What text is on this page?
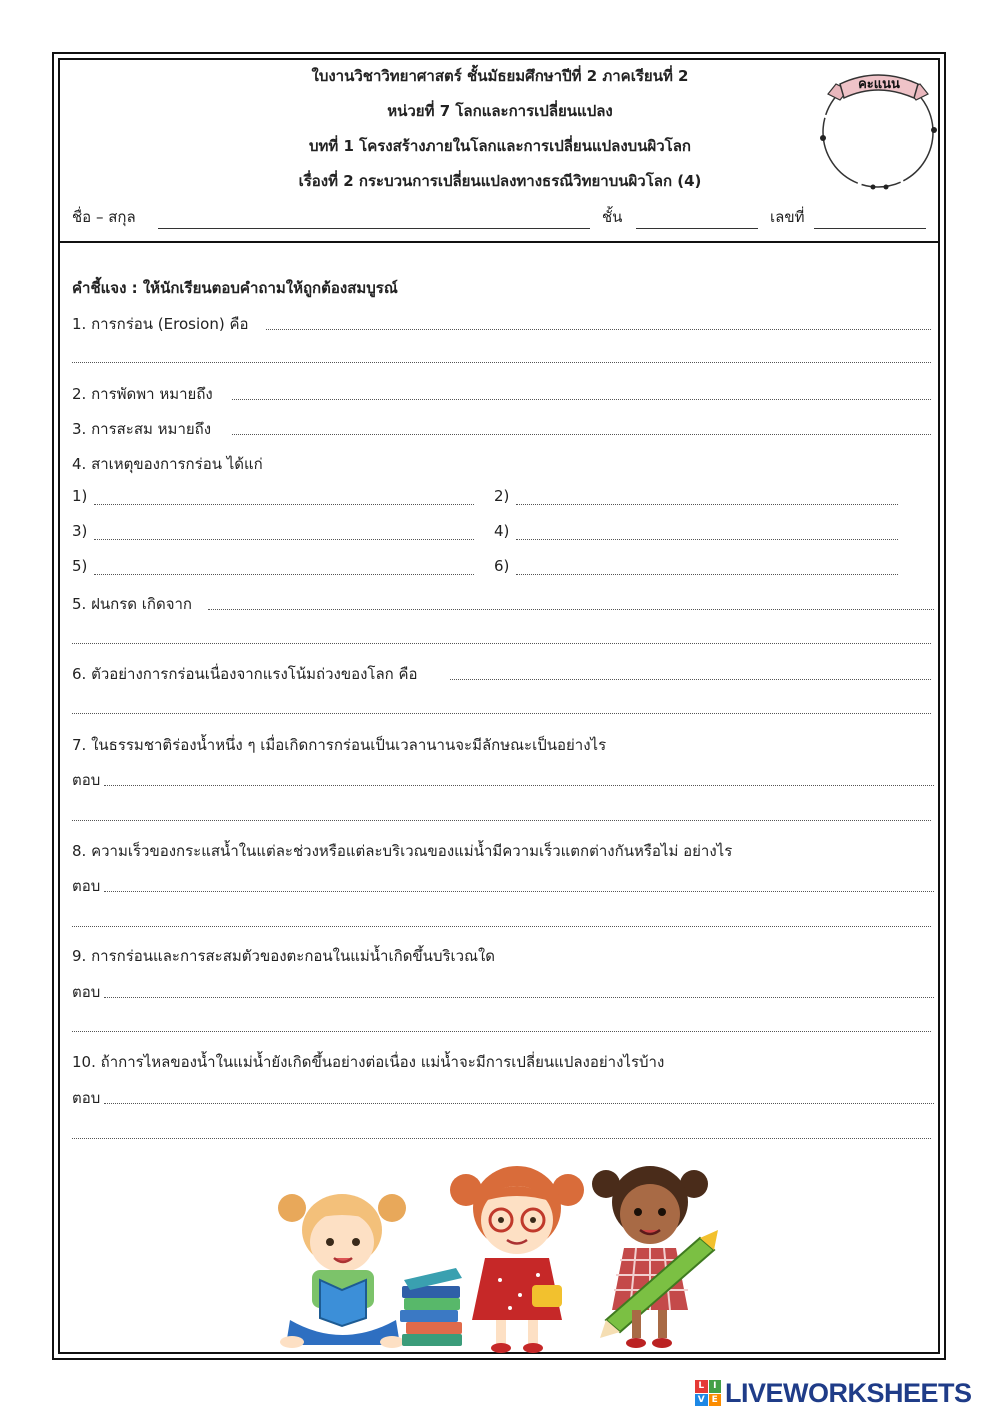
ใบงานวิชาวิทยาศาสตร์ ชั้นมัธยมศึกษาปีที่ 2 ภาคเรียนที่ 2
หน่วยที่ 7 โลกและการเปลี่ยนแปลง
บทที่ 1 โครงสร้างภายในโลกและการเปลี่ยนแปลงบนผิวโลก
เรื่องที่ 2 กระบวนการเปลี่ยนแปลงทางธรณีวิทยาบนผิวโลก (4)
คะแนน
ชื่อ – สกุล	ชั้น	เลขที่
คำชี้แจง : ให้นักเรียนตอบคำถามให้ถูกต้องสมบูรณ์
1. การกร่อน (Erosion) คือ
2. การพัดพา หมายถึง
3. การสะสม หมายถึง
4. สาเหตุของการกร่อน ได้แก่
1)	2)
3)	4)
5)	6)
5. ฝนกรด เกิดจาก
6. ตัวอย่างการกร่อนเนื่องจากแรงโน้มถ่วงของโลก คือ
7. ในธรรมชาติร่องน้ำหนึ่ง ๆ เมื่อเกิดการกร่อนเป็นเวลานานจะมีลักษณะเป็นอย่างไร
ตอบ
8. ความเร็วของกระแสน้ำในแต่ละช่วงหรือแต่ละบริเวณของแม่น้ำมีความเร็วแตกต่างกันหรือไม่ อย่างไร
ตอบ
9. การกร่อนและการสะสมตัวของตะกอนในแม่น้ำเกิดขึ้นบริเวณใด
ตอบ
10. ถ้าการไหลของน้ำในแม่น้ำยังเกิดขึ้นอย่างต่อเนื่อง แม่น้ำจะมีการเปลี่ยนแปลงอย่างไรบ้าง
ตอบ
L I
V E LIVEWORKSHEETS
